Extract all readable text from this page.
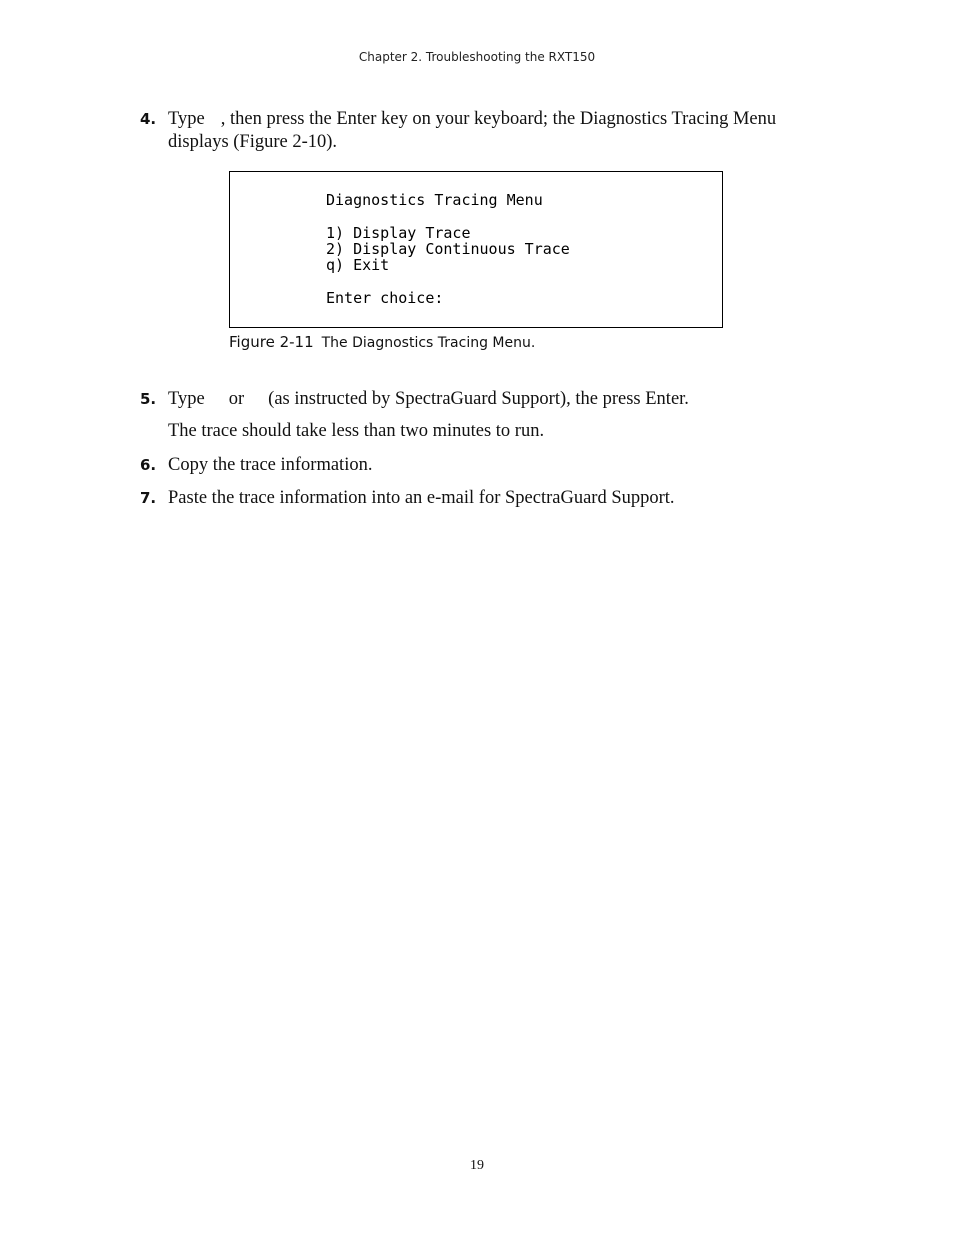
Chapter 2. Troubleshooting the RXT150
4. Type , then press the Enter key on your keyboard; the Diagnostics Tracing Menu displays (Figure 2-10).
Diagnostics Tracing Menu
1) Display Trace
2) Display Continuous Trace
q) Exit
Enter choice:
Figure 2-11 The Diagnostics Tracing Menu.
5. Type or (as instructed by SpectraGuard Support), the press Enter.
The trace should take less than two minutes to run.
6. Copy the trace information.
7. Paste the trace information into an e-mail for SpectraGuard Support.
19
